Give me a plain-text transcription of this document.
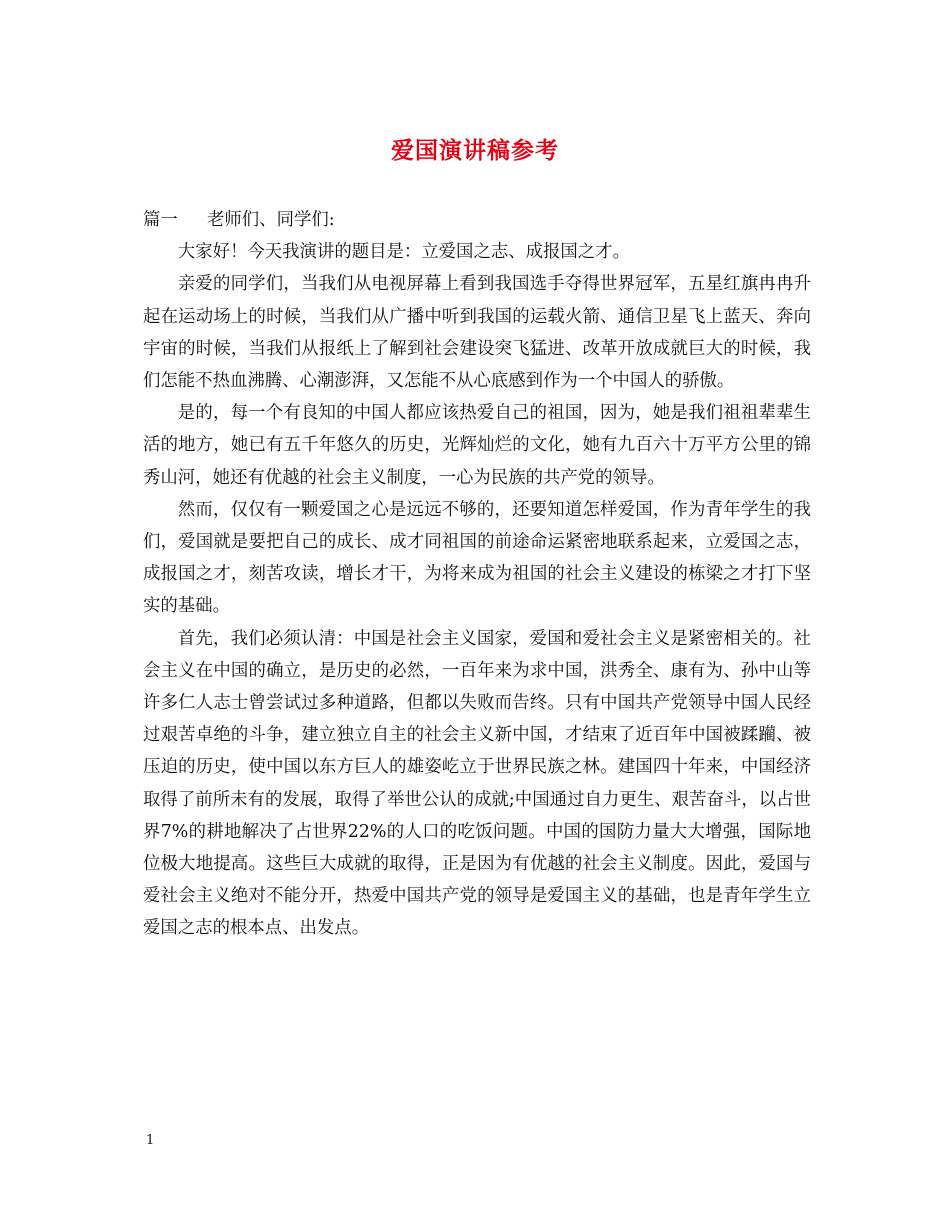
爱国演讲稿参考

篇一 老师们、同学们:

大家好！今天我演讲的题目是：立爱国之志、成报国之才。

亲爱的同学们，当我们从电视屏幕上看到我国选手夺得世界冠军，五星红旗冉冉升起在运动场上的时候，当我们从广播中听到我国的运载火箭、通信卫星飞上蓝天、奔向宇宙的时候，当我们从报纸上了解到社会建设突飞猛进、改革开放成就巨大的时候，我们怎能不热血沸腾、心潮澎湃，又怎能不从心底感到作为一个中国人的骄傲。

是的，每一个有良知的中国人都应该热爱自己的祖国，因为，她是我们祖祖辈辈生活的地方，她已有五千年悠久的历史，光辉灿烂的文化，她有九百六十万平方公里的锦秀山河，她还有优越的社会主义制度，一心为民族的共产党的领导。

然而，仅仅有一颗爱国之心是远远不够的，还要知道怎样爱国，作为青年学生的我们，爱国就是要把自己的成长、成才同祖国的前途命运紧密地联系起来，立爱国之志，成报国之才，刻苦攻读，增长才干，为将来成为祖国的社会主义建设的栋梁之才打下坚实的基础。

首先，我们必须认清：中国是社会主义国家，爱国和爱社会主义是紧密相关的。社会主义在中国的确立，是历史的必然，一百年来为求中国，洪秀全、康有为、孙中山等许多仁人志士曾尝试过多种道路，但都以失败而告终。只有中国共产党领导中国人民经过艰苦卓绝的斗争，建立独立自主的社会主义新中国，才结束了近百年中国被蹂躏、被压迫的历史，使中国以东方巨人的雄姿屹立于世界民族之林。建国四十年来，中国经济取得了前所未有的发展，取得了举世公认的成就;中国通过自力更生、艰苦奋斗，以占世界7%的耕地解决了占世界22%的人口的吃饭问题。中国的国防力量大大增强，国际地位极大地提高。这些巨大成就的取得，正是因为有优越的社会主义制度。因此，爱国与爱社会主义绝对不能分开，热爱中国共产党的领导是爱国主义的基础，也是青年学生立爱国之志的根本点、出发点。

1
